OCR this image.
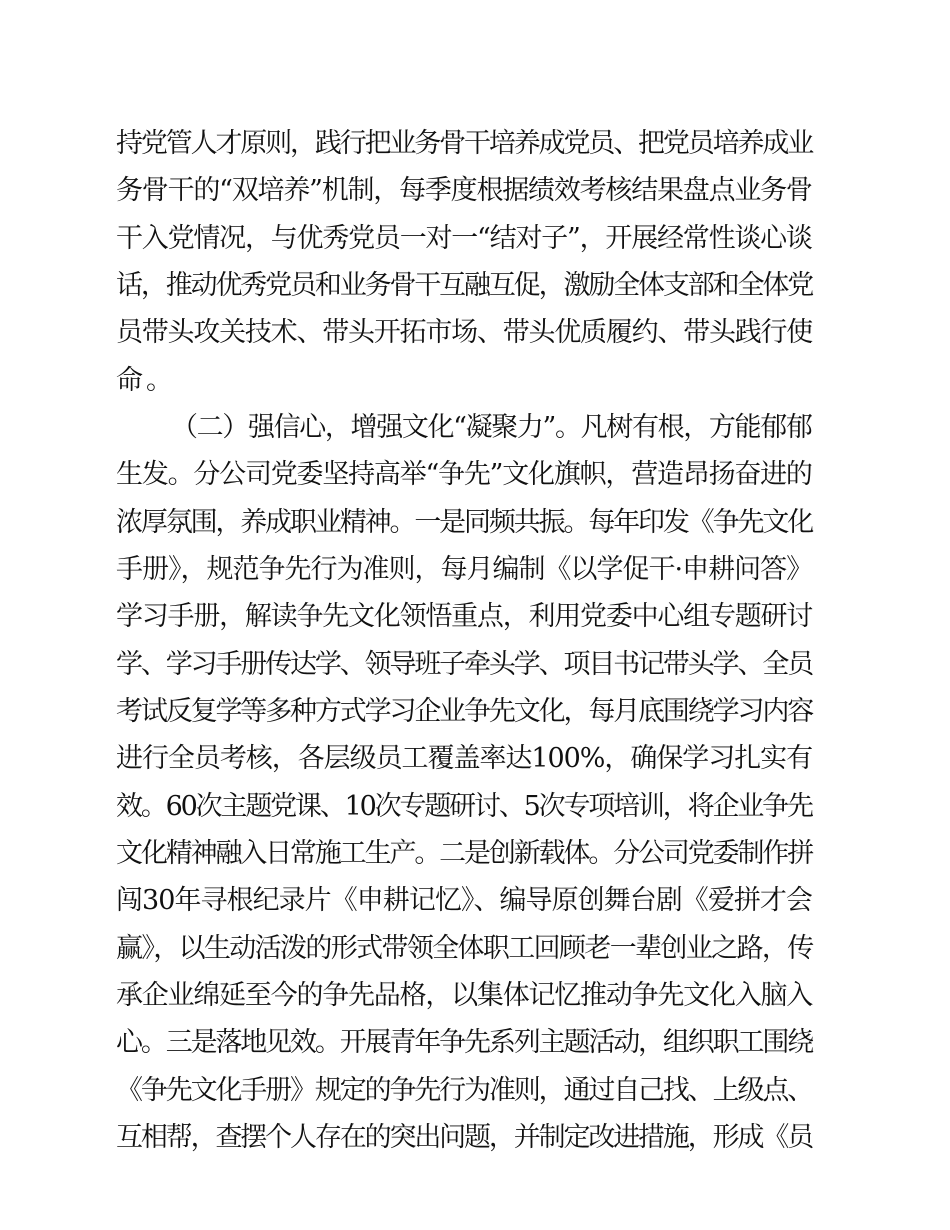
持党管人才原则，践行把业务骨干培养成党员、把党员培养成业
务骨干的“双培养”机制，每季度根据绩效考核结果盘点业务骨
干入党情况，与优秀党员一对一“结对子”，开展经常性谈心谈
话，推动优秀党员和业务骨干互融互促，激励全体支部和全体党
员带头攻关技术、带头开拓市场、带头优质履约、带头践行使
命。
（二）强信心，增强文化“凝聚力”。凡树有根，方能郁郁
生发。分公司党委坚持高举“争先”文化旗帜，营造昂扬奋进的
浓厚氛围，养成职业精神。一是同频共振。每年印发《争先文化
手册》，规范争先行为准则，每月编制《以学促干·申耕问答》
学习手册，解读争先文化领悟重点，利用党委中心组专题研讨
学、学习手册传达学、领导班子牵头学、项目书记带头学、全员
考试反复学等多种方式学习企业争先文化，每月底围绕学习内容
进行全员考核，各层级员工覆盖率达100%，确保学习扎实有
效。60次主题党课、10次专题研讨、5次专项培训，将企业争先
文化精神融入日常施工生产。二是创新载体。分公司党委制作拼
闯30年寻根纪录片《申耕记忆》、编导原创舞台剧《爱拼才会
赢》，以生动活泼的形式带领全体职工回顾老一辈创业之路，传
承企业绵延至今的争先品格，以集体记忆推动争先文化入脑入
心。三是落地见效。开展青年争先系列主题活动，组织职工围绕
《争先文化手册》规定的争先行为准则，通过自己找、上级点、
互相帮，查摆个人存在的突出问题，并制定改进措施，形成《员
